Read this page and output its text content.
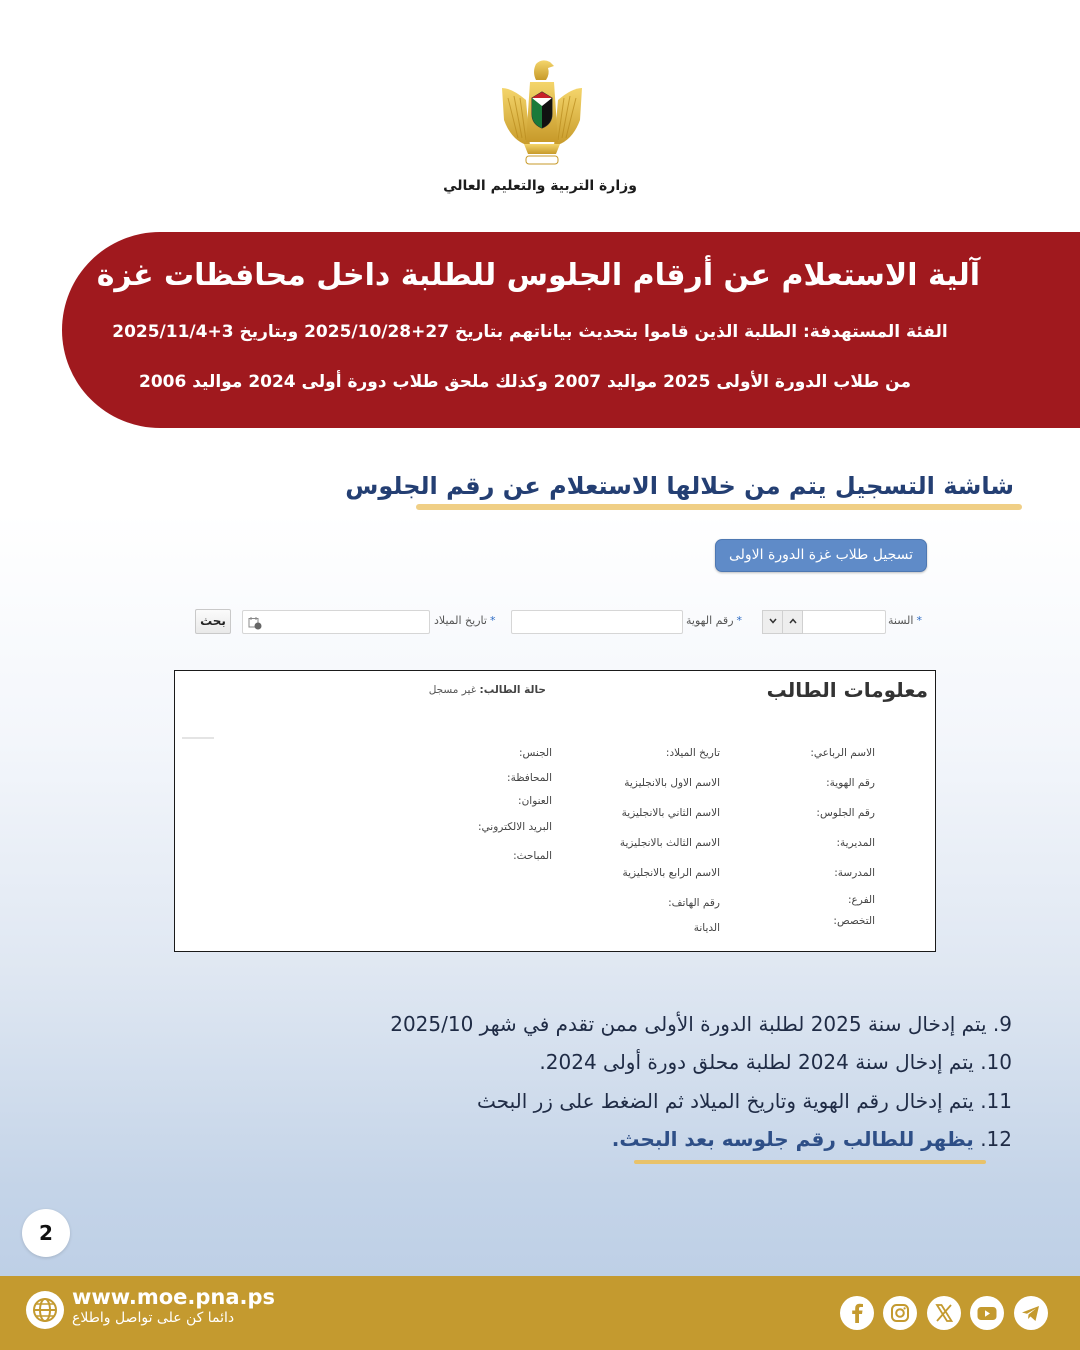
وزارة التربية والتعليم العالي
آلية الاستعلام عن أرقام الجلوس للطلبة داخل محافظات غزة
الفئة المستهدفة: الطلبة الذين قاموا بتحديث بياناتهم بتاريخ 27+2025/10/28 وبتاريخ 3+2025/11/4
من طلاب الدورة الأولى 2025 مواليد 2007 وكذلك ملحق طلاب دورة أولى 2024 مواليد 2006
شاشة التسجيل يتم من خلالها الاستعلام عن رقم الجلوس
تسجيل طلاب غزة الدورة الاولى
*السنة
*رقم الهوية
*تاريخ الميلاد
بحث
معلومات الطالب
حالة الطالب: غير مسجل
الاسم الرباعي:
رقم الهوية:
رقم الجلوس:
المديرية:
المدرسة:
الفرع:
التخصص:
تاريخ الميلاد:
الاسم الاول بالانجليزية
الاسم الثاني بالانجليزية
الاسم الثالث بالانجليزية
الاسم الرابع بالانجليزية
رقم الهاتف:
الديانة
الجنس:
المحافظة:
العنوان:
البريد الالكتروني:
المباحث:
9. يتم إدخال سنة 2025 لطلبة الدورة الأولى ممن تقدم في شهر 2025/10
10. يتم إدخال سنة 2024 لطلبة محلق دورة أولى 2024.
11. يتم إدخال رقم الهوية وتاريخ الميلاد ثم الضغط على زر البحث
12. يظهر للطالب رقم جلوسه بعد البحث.
2
www.moe.pna.ps
دائما كن على تواصل واطلاع
